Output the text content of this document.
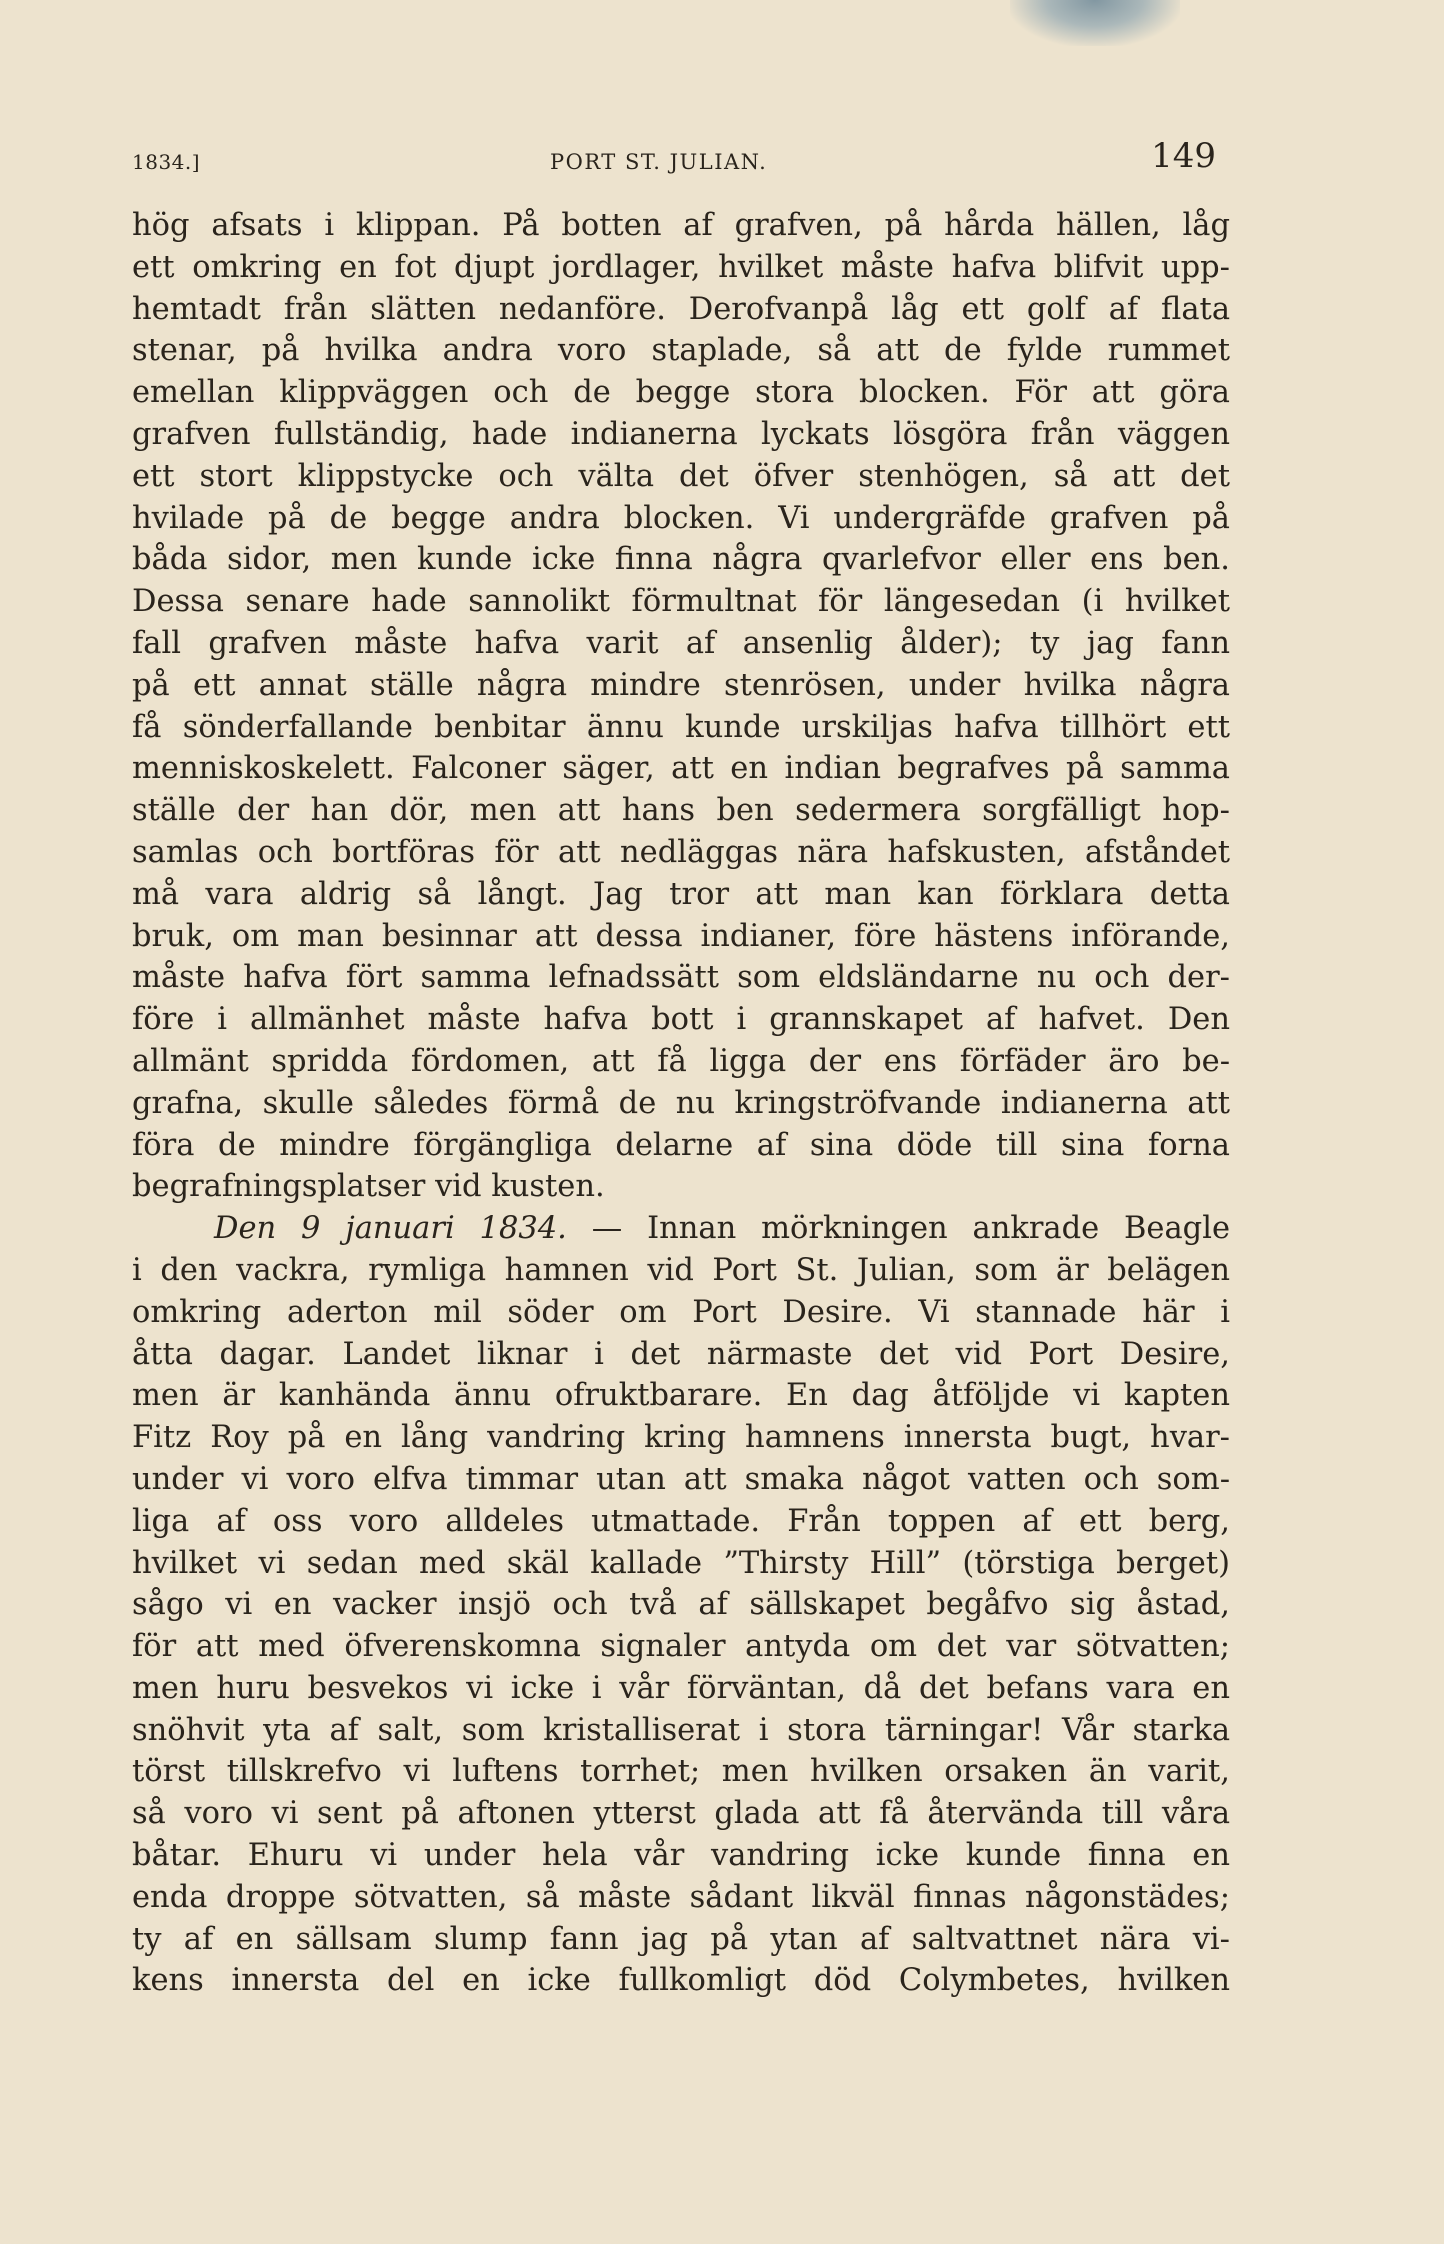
1834.]	PORT ST. JULIAN.	149
hög afsats i klippan. På botten af grafven, på hårda hällen, låg
ett omkring en fot djupt jordlager, hvilket måste hafva blifvit upp-
hemtadt från slätten nedanföre. Derofvanpå låg ett golf af flata
stenar, på hvilka andra voro staplade, så att de fylde rummet
emellan klippväggen och de begge stora blocken. För att göra
grafven fullständig, hade indianerna lyckats lösgöra från väggen
ett stort klippstycke och välta det öfver stenhögen, så att det
hvilade på de begge andra blocken. Vi undergräfde grafven på
båda sidor, men kunde icke finna några qvarlefvor eller ens ben.
Dessa senare hade sannolikt förmultnat för längesedan (i hvilket
fall grafven måste hafva varit af ansenlig ålder); ty jag fann
på ett annat ställe några mindre stenrösen, under hvilka några
få sönderfallande benbitar ännu kunde urskiljas hafva tillhört ett
menniskoskelett. Falconer säger, att en indian begrafves på samma
ställe der han dör, men att hans ben sedermera sorgfälligt hop-
samlas och bortföras för att nedläggas nära hafskusten, afståndet
må vara aldrig så långt. Jag tror att man kan förklara detta
bruk, om man besinnar att dessa indianer, före hästens införande,
måste hafva fört samma lefnadssätt som eldsländarne nu och der-
före i allmänhet måste hafva bott i grannskapet af hafvet. Den
allmänt spridda fördomen, att få ligga der ens förfäder äro be-
grafna, skulle således förmå de nu kringströfvande indianerna att
föra de mindre förgängliga delarne af sina döde till sina forna
begrafningsplatser vid kusten.
Den 9 januari 1834. — Innan mörkningen ankrade Beagle
i den vackra, rymliga hamnen vid Port St. Julian, som är belägen
omkring aderton mil söder om Port Desire. Vi stannade här i
åtta dagar. Landet liknar i det närmaste det vid Port Desire,
men är kanhända ännu ofruktbarare. En dag åtföljde vi kapten
Fitz Roy på en lång vandring kring hamnens innersta bugt, hvar-
under vi voro elfva timmar utan att smaka något vatten och som-
liga af oss voro alldeles utmattade. Från toppen af ett berg,
hvilket vi sedan med skäl kallade ”Thirsty Hill” (törstiga berget)
sågo vi en vacker insjö och två af sällskapet begåfvo sig åstad,
för att med öfverenskomna signaler antyda om det var sötvatten;
men huru besvekos vi icke i vår förväntan, då det befans vara en
snöhvit yta af salt, som kristalliserat i stora tärningar! Vår starka
törst tillskrefvo vi luftens torrhet; men hvilken orsaken än varit,
så voro vi sent på aftonen ytterst glada att få återvända till våra
båtar. Ehuru vi under hela vår vandring icke kunde finna en
enda droppe sötvatten, så måste sådant likväl finnas någonstädes;
ty af en sällsam slump fann jag på ytan af saltvattnet nära vi-
kens innersta del en icke fullkomligt död Colymbetes, hvilken
